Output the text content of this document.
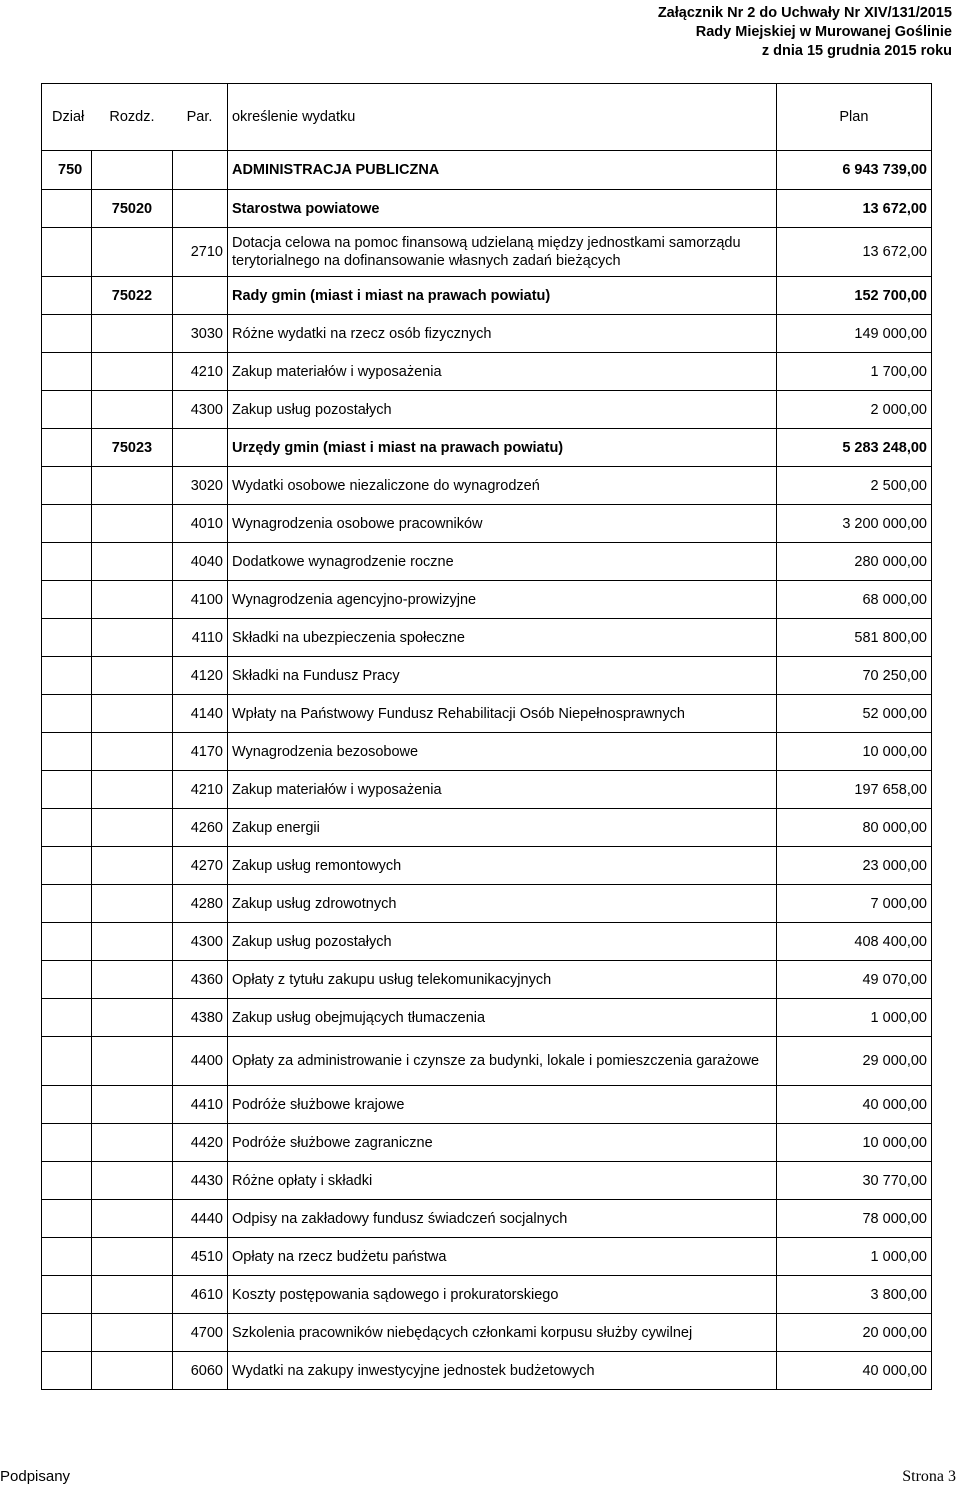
Załącznik Nr 2 do Uchwały Nr XIV/131/2015
Rady Miejskiej w Murowanej Goślinie
z dnia 15 grudnia 2015 roku
Dział	Rozdz.	Par.	określenie wydatku	Plan
750			ADMINISTRACJA PUBLICZNA	6 943 739,00
	75020		Starostwa powiatowe	13 672,00
		2710	Dotacja celowa na pomoc finansową udzielaną między jednostkami samorządu terytorialnego na dofinansowanie własnych zadań bieżących	13 672,00
	75022		Rady gmin (miast i miast na prawach powiatu)	152 700,00
		3030	Różne wydatki na rzecz osób fizycznych	149 000,00
		4210	Zakup materiałów i wyposażenia	1 700,00
		4300	Zakup usług pozostałych	2 000,00
	75023		Urzędy gmin (miast i miast na prawach powiatu)	5 283 248,00
		3020	Wydatki osobowe niezaliczone do wynagrodzeń	2 500,00
		4010	Wynagrodzenia osobowe pracowników	3 200 000,00
		4040	Dodatkowe wynagrodzenie roczne	280 000,00
		4100	Wynagrodzenia agencyjno-prowizyjne	68 000,00
		4110	Składki na ubezpieczenia społeczne	581 800,00
		4120	Składki na Fundusz Pracy	70 250,00
		4140	Wpłaty na Państwowy Fundusz Rehabilitacji Osób Niepełnosprawnych	52 000,00
		4170	Wynagrodzenia bezosobowe	10 000,00
		4210	Zakup materiałów i wyposażenia	197 658,00
		4260	Zakup energii	80 000,00
		4270	Zakup usług remontowych	23 000,00
		4280	Zakup usług zdrowotnych	7 000,00
		4300	Zakup usług pozostałych	408 400,00
		4360	Opłaty z tytułu zakupu usług telekomunikacyjnych	49 070,00
		4380	Zakup usług obejmujących tłumaczenia	1 000,00
		4400	Opłaty za administrowanie i czynsze za budynki, lokale i pomieszczenia garażowe	29 000,00
		4410	Podróże służbowe krajowe	40 000,00
		4420	Podróże służbowe zagraniczne	10 000,00
		4430	Różne opłaty i składki	30 770,00
		4440	Odpisy na zakładowy fundusz świadczeń socjalnych	78 000,00
		4510	Opłaty na rzecz budżetu państwa	1 000,00
		4610	Koszty postępowania sądowego i prokuratorskiego	3 800,00
		4700	Szkolenia pracowników niebędących członkami korpusu służby cywilnej	20 000,00
		6060	Wydatki na zakupy inwestycyjne jednostek budżetowych	40 000,00
Podpisany	Strona 3
